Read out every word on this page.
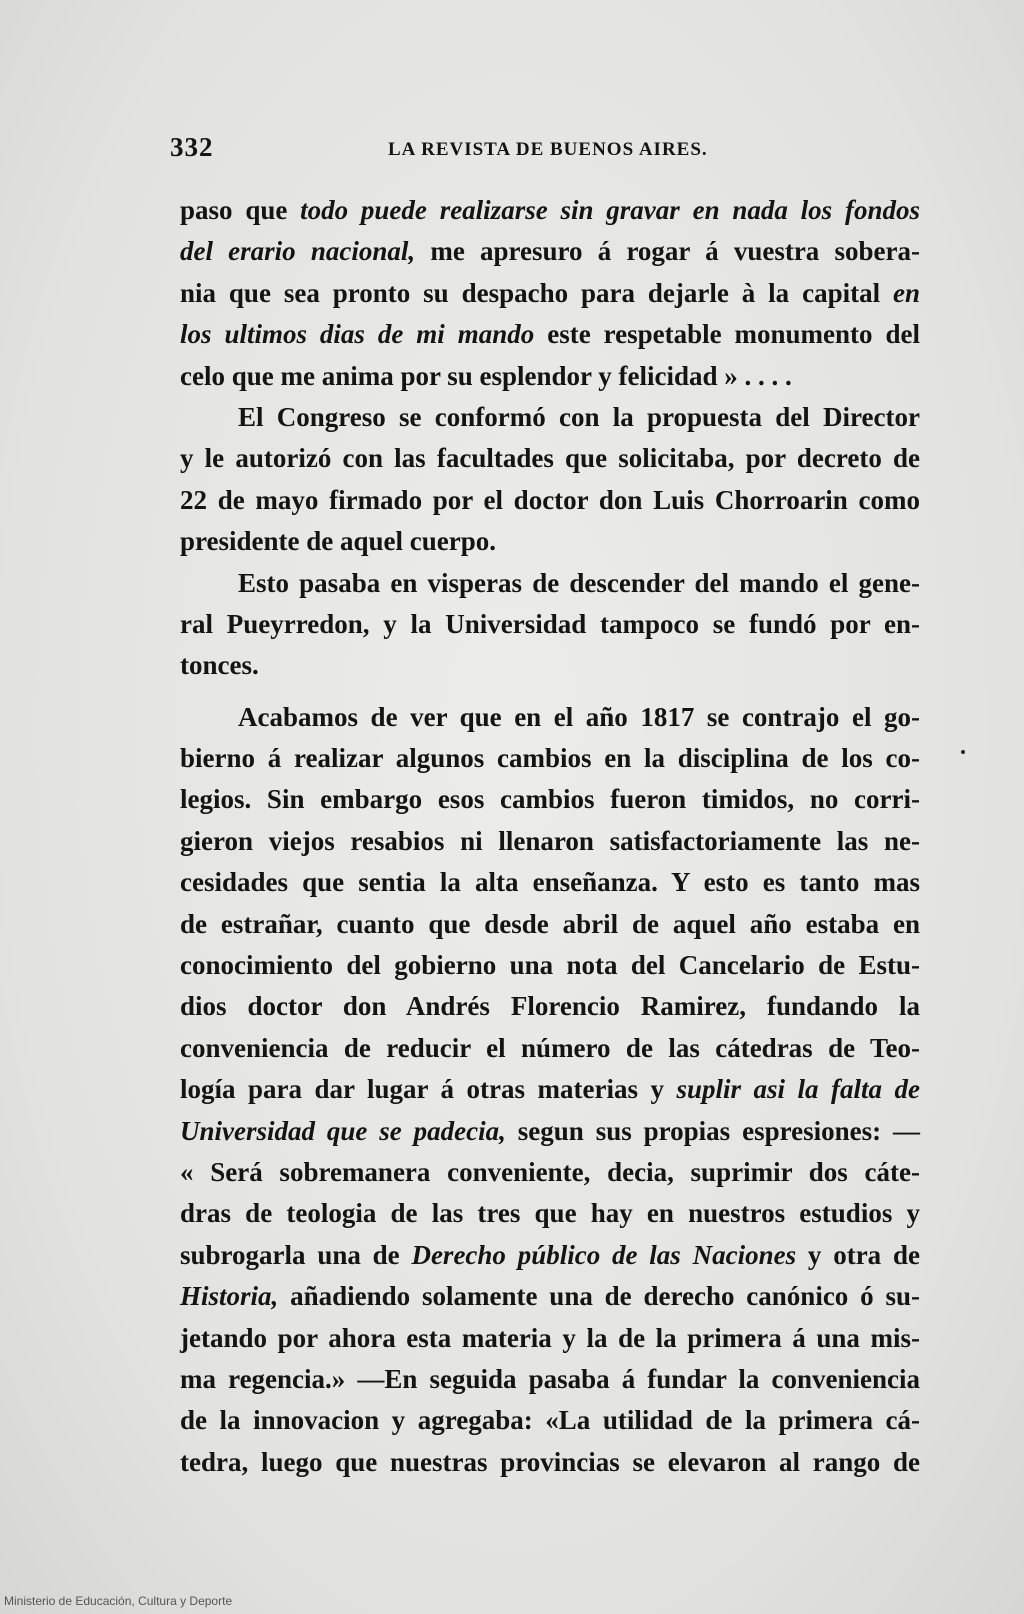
332	LA REVISTA DE BUENOS AIRES.
paso que todo puede realizarse sin gravar en nada los fondos
del erario nacional, me apresuro á rogar á vuestra sobera-
nia que sea pronto su despacho para dejarle à la capital en
los ultimos dias de mi mando este respetable monumento del
celo que me anima por su esplendor y felicidad » . . . .
El Congreso se conformó con la propuesta del Director
y le autorizó con las facultades que solicitaba, por decreto de
22 de mayo firmado por el doctor don Luis Chorroarin como
presidente de aquel cuerpo.
Esto pasaba en visperas de descender del mando el gene-
ral Pueyrredon, y la Universidad tampoco se fundó por en-
tonces.
Acabamos de ver que en el año 1817 se contrajo el go-
bierno á realizar algunos cambios en la disciplina de los co-
legios. Sin embargo esos cambios fueron timidos, no corri-
gieron viejos resabios ni llenaron satisfactoriamente las ne-
cesidades que sentia la alta enseñanza. Y esto es tanto mas
de estrañar, cuanto que desde abril de aquel año estaba en
conocimiento del gobierno una nota del Cancelario de Estu-
dios doctor don Andrés Florencio Ramirez, fundando la
conveniencia de reducir el número de las cátedras de Teo-
logía para dar lugar á otras materias y suplir asi la falta de
Universidad que se padecia, segun sus propias espresiones: —
« Será sobremanera conveniente, decia, suprimir dos cáte-
dras de teologia de las tres que hay en nuestros estudios y
subrogarla una de Derecho público de las Naciones y otra de
Historia, añadiendo solamente una de derecho canónico ó su-
jetando por ahora esta materia y la de la primera á una mis-
ma regencia.» —En seguida pasaba á fundar la conveniencia
de la innovacion y agregaba: «La utilidad de la primera cá-
tedra, luego que nuestras provincias se elevaron al rango de
Ministerio de Educación, Cultura y Deporte
